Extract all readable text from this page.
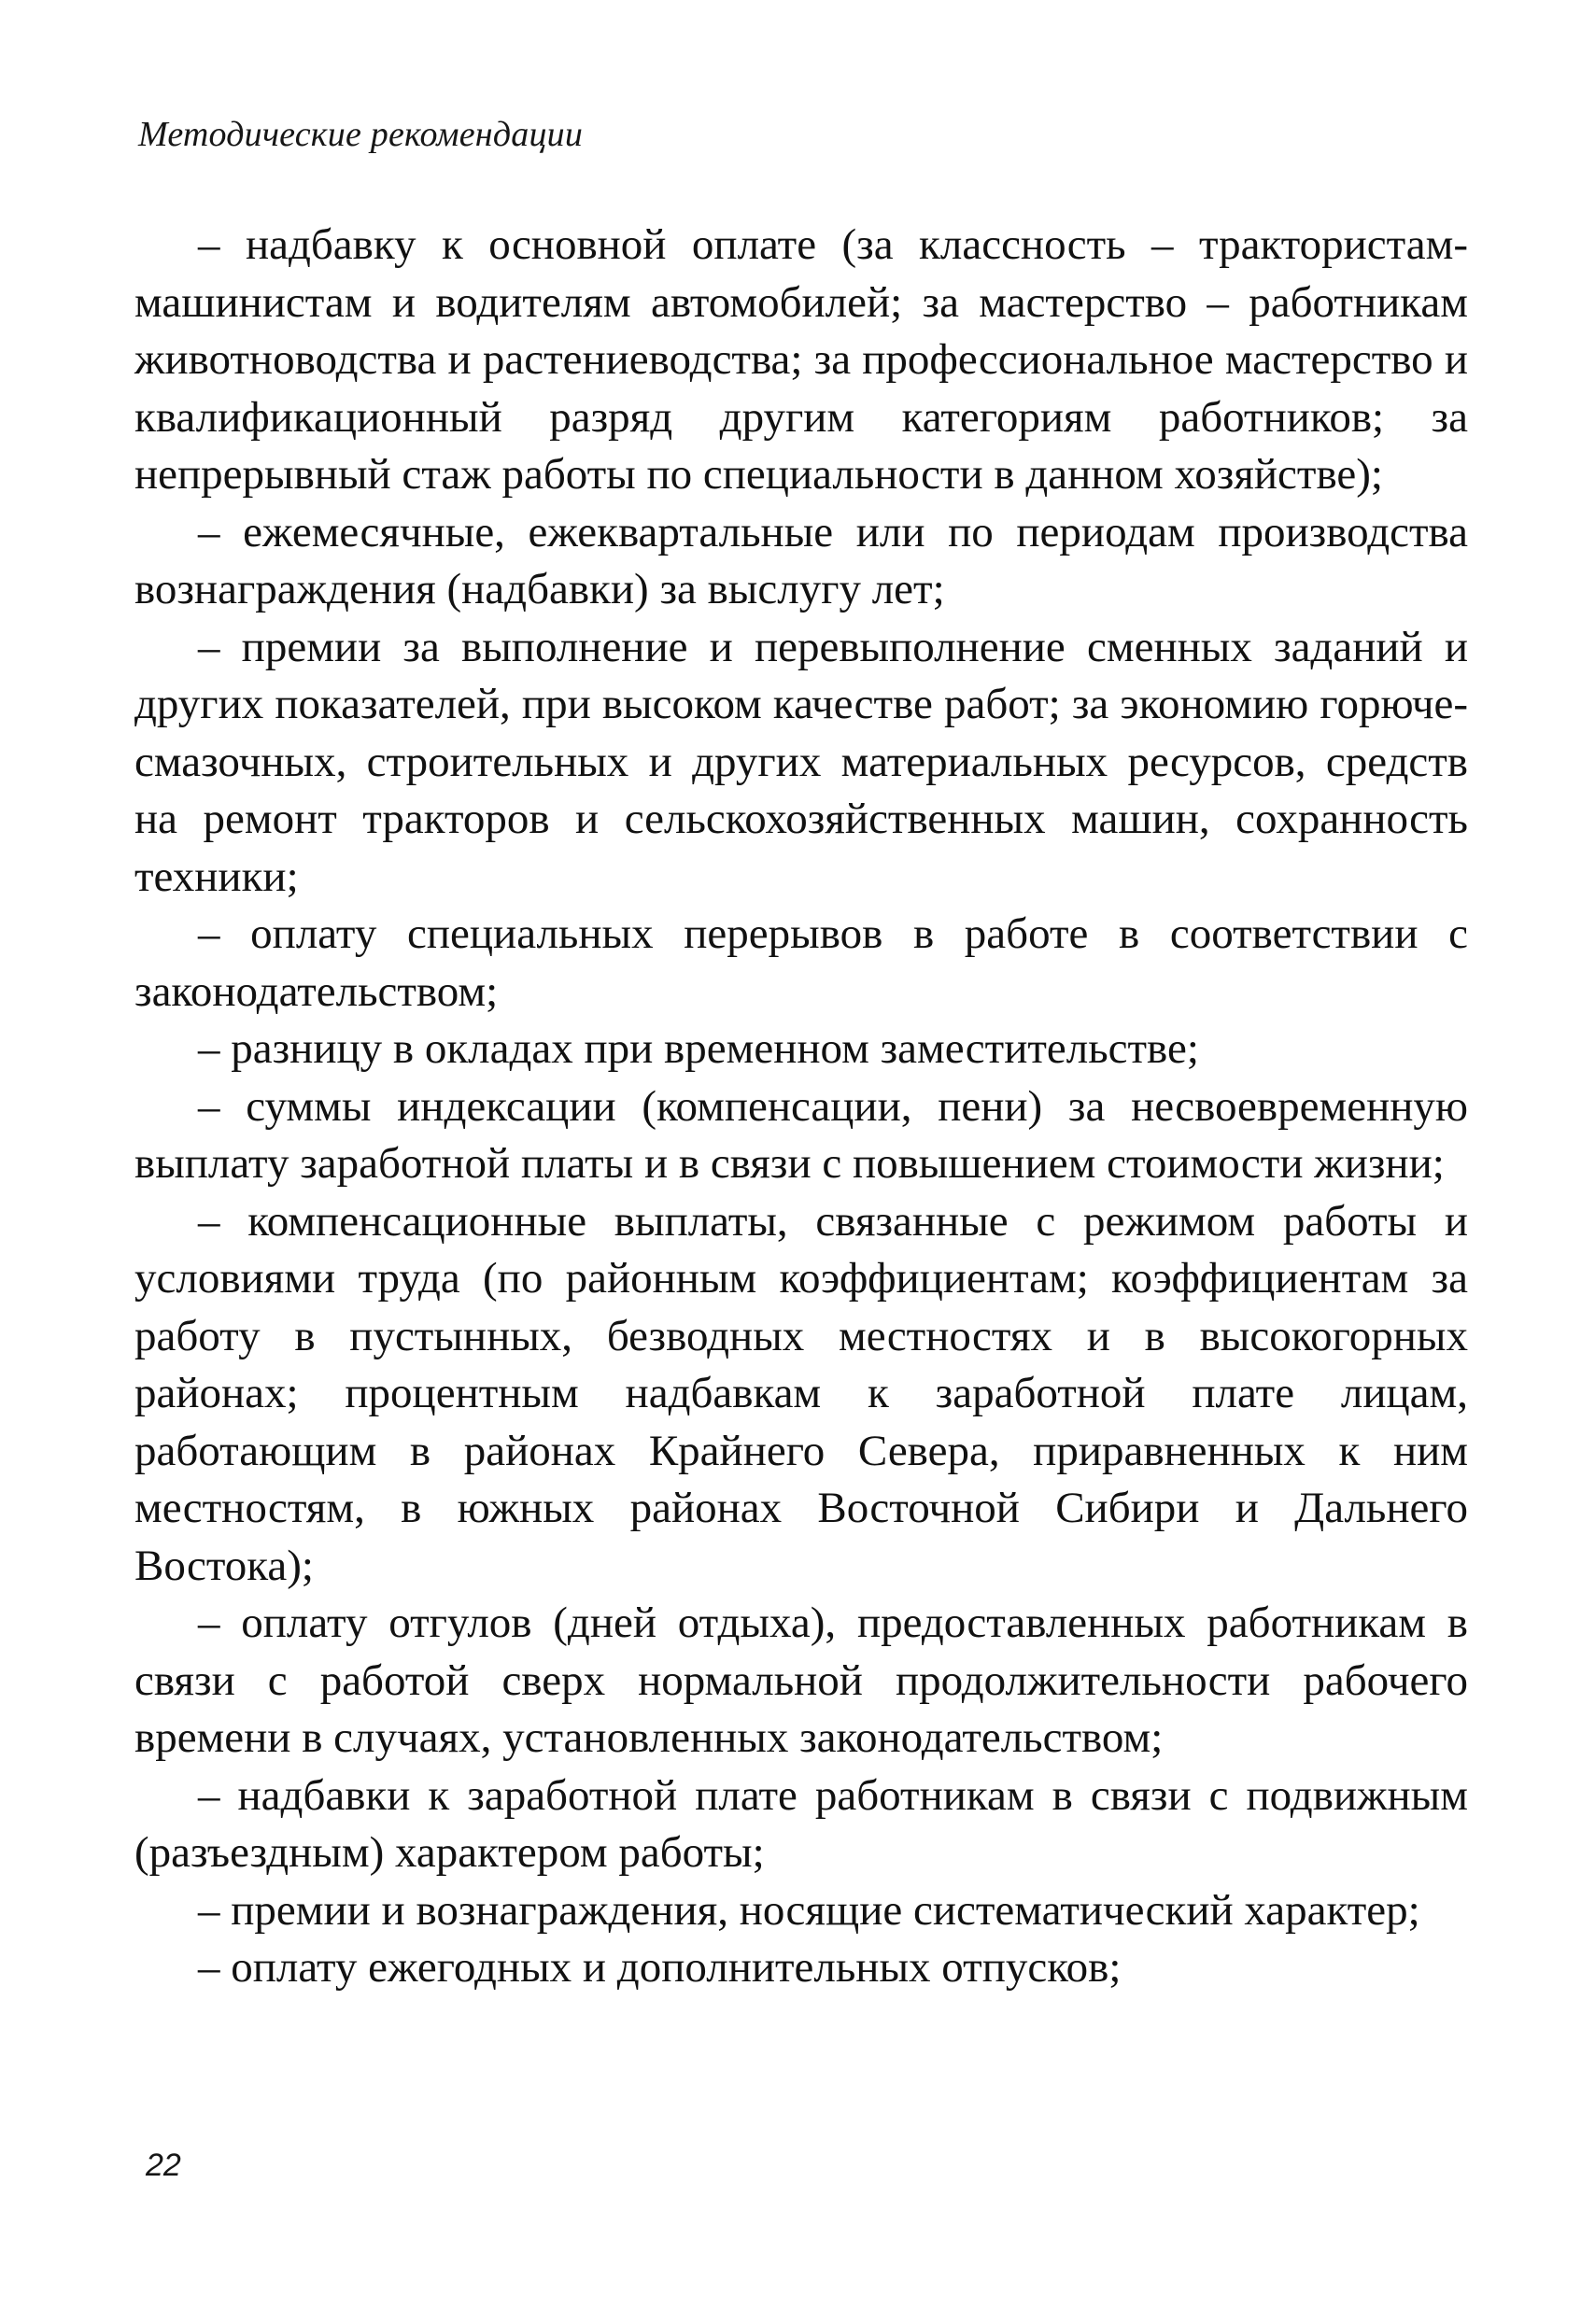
Методические рекомендации

– надбавку к основной оплате (за классность – трактористам-машинистам и водителям автомобилей; за мастерство – работникам животноводства и растениеводства; за профессиональное мастерство и квалификационный разряд другим категориям работников; за непрерывный стаж работы по специальности в данном хозяйстве);

– ежемесячные, ежеквартальные или по периодам производства вознаграждения (надбавки) за выслугу лет;

– премии за выполнение и перевыполнение сменных заданий и других показателей, при высоком качестве работ; за экономию горюче-смазочных, строительных и других материальных ресурсов, средств на ремонт тракторов и сельскохозяйственных машин, сохранность техники;

– оплату специальных перерывов в работе в соответствии с законодательством;

– разницу в окладах при временном заместительстве;

– суммы индексации (компенсации, пени) за несвоевременную выплату заработной платы и в связи с повышением стоимости жизни;

– компенсационные выплаты, связанные с режимом работы и условиями труда (по районным коэффициентам; коэффициентам за работу в пустынных, безводных местностях и в высокогорных районах; процентным надбавкам к заработной плате лицам, работающим в районах Крайнего Севера, приравненных к ним местностям, в южных районах Восточной Сибири и Дальнего Востока);

– оплату отгулов (дней отдыха), предоставленных работникам в связи с работой сверх нормальной продолжительности рабочего времени в случаях, установленных законодательством;

– надбавки к заработной плате работникам в связи с подвижным (разъездным) характером работы;

– премии и вознаграждения, носящие систематический характер;

– оплату ежегодных и дополнительных отпусков;

22
